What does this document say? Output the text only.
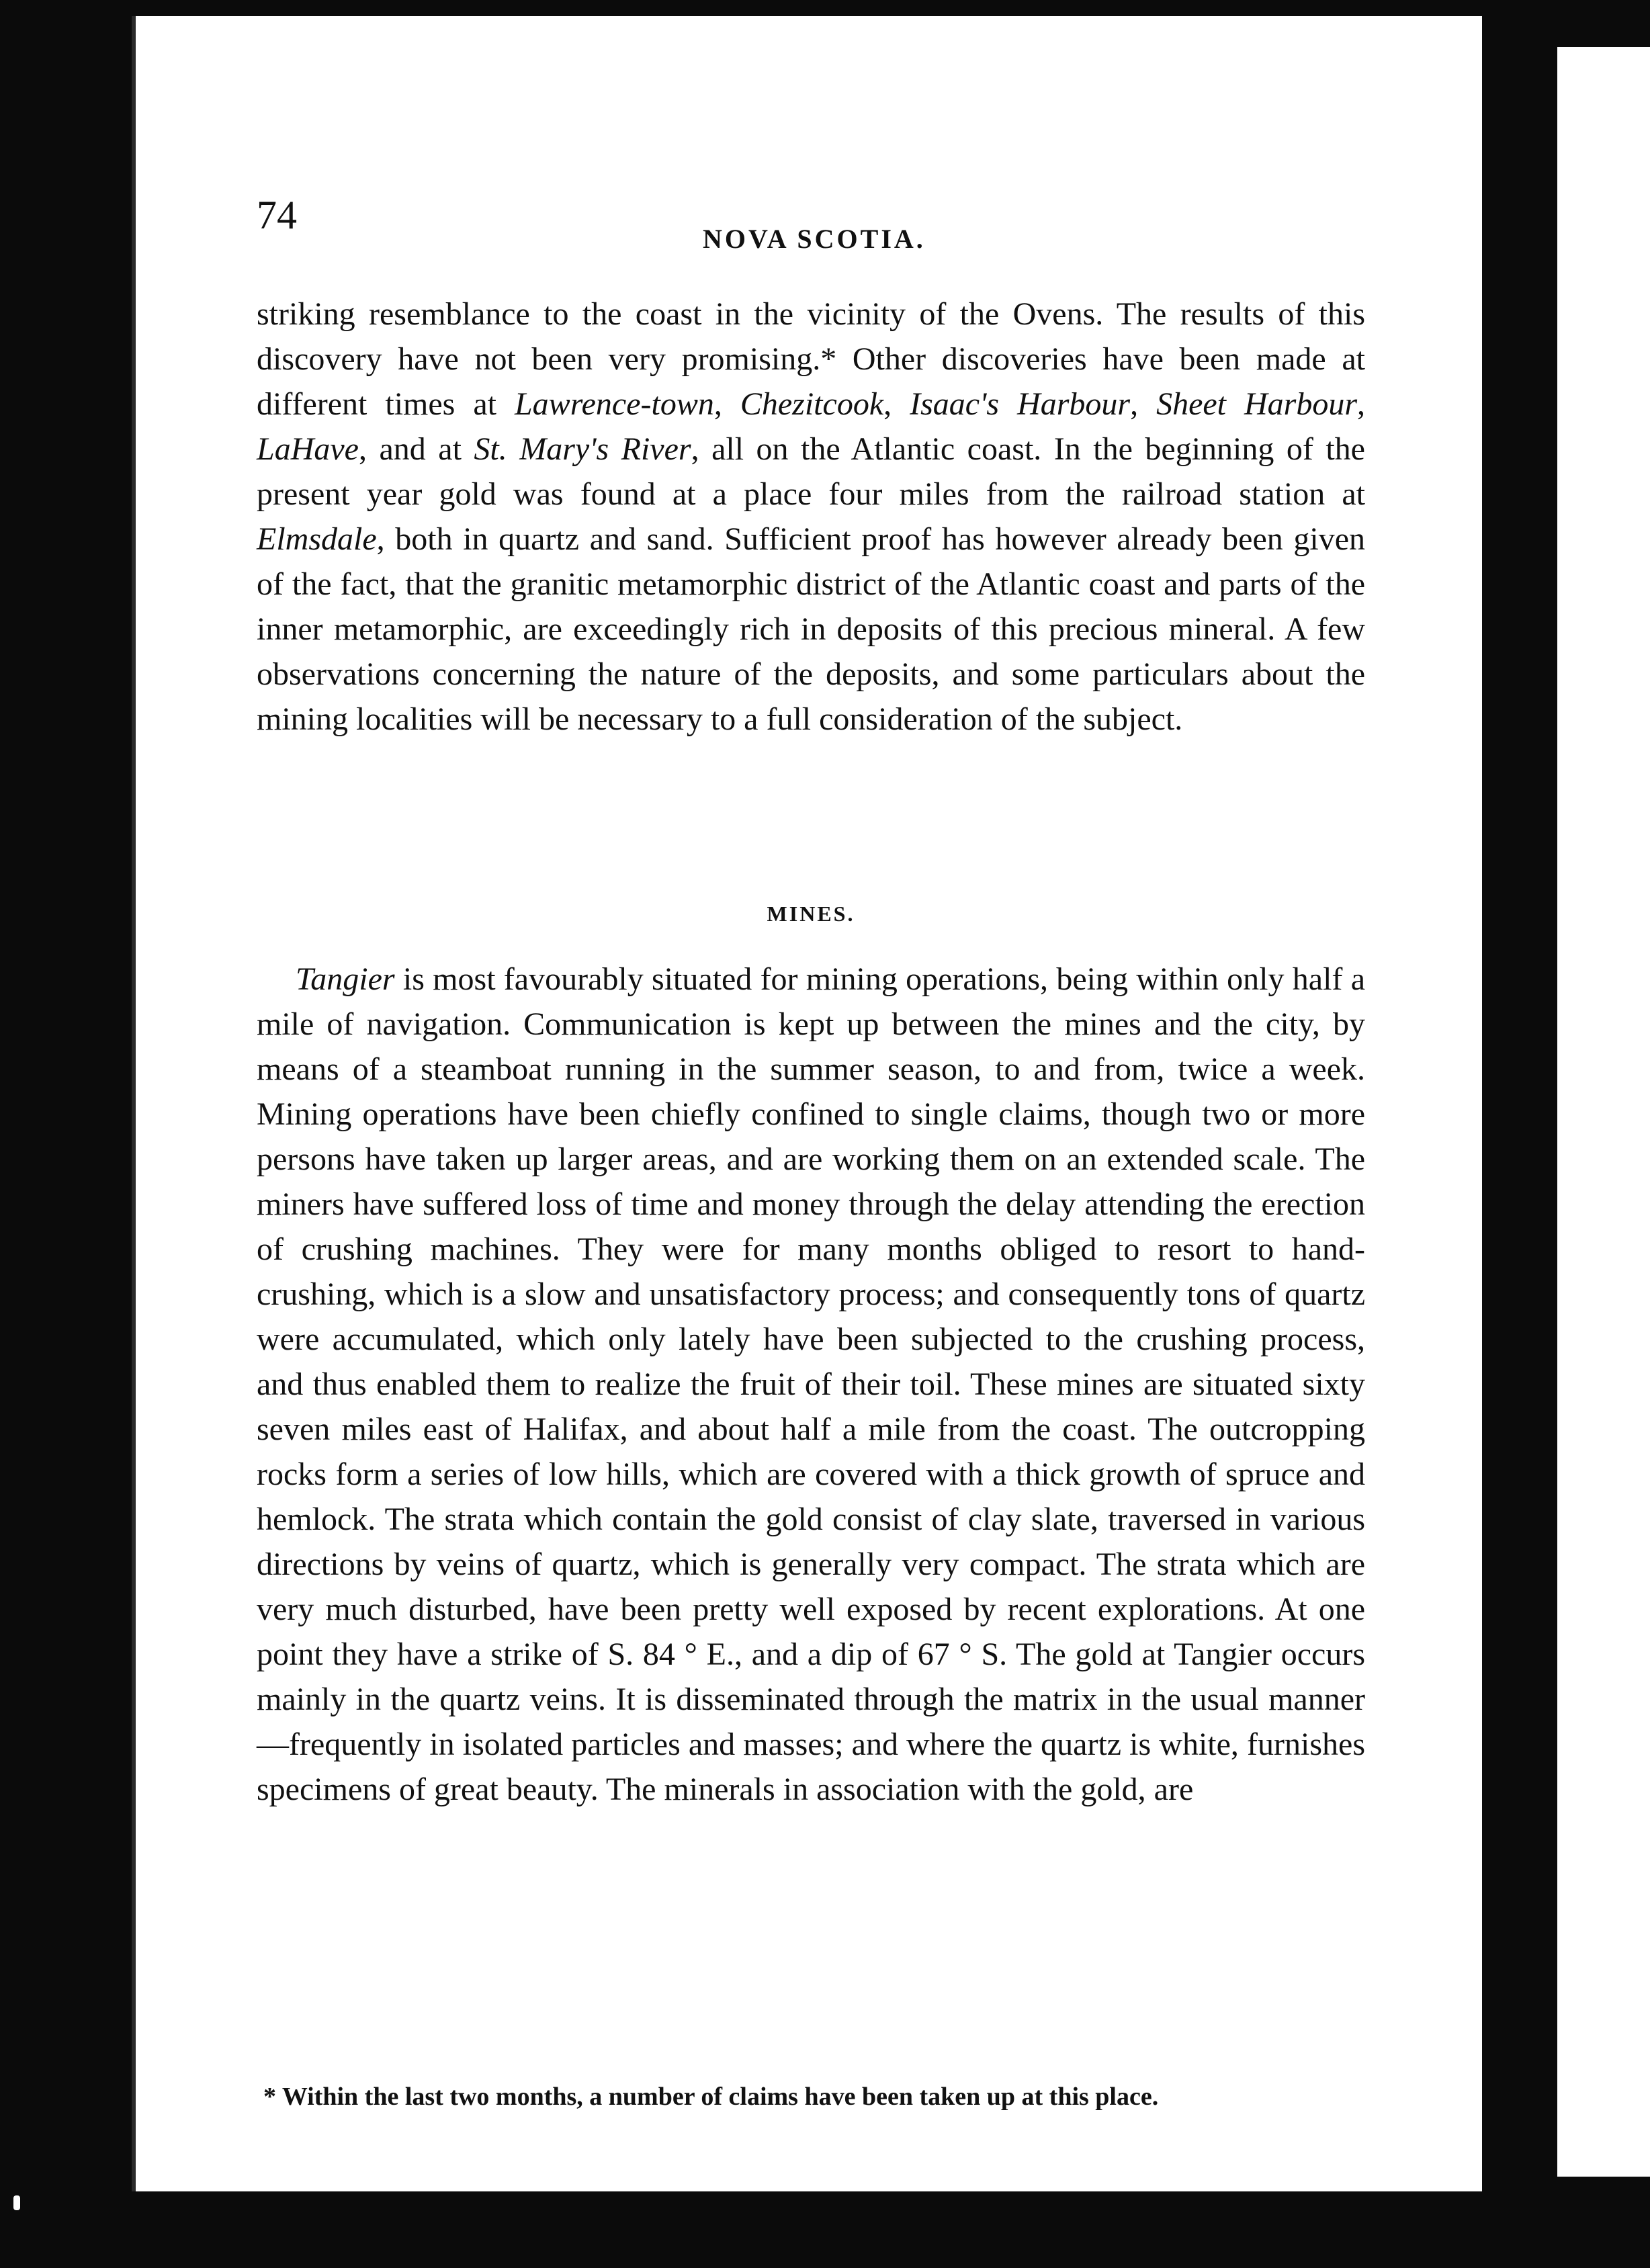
74

NOVA SCOTIA.

striking resemblance to the coast in the vicinity of the Ovens. The results of this discovery have not been very promising.* Other discoveries have been made at different times at Lawrence-town, Chezitcook, Isaac's Harbour, Sheet Harbour, LaHave, and at St. Mary's River, all on the Atlantic coast. In the beginning of the present year gold was found at a place four miles from the railroad station at Elmsdale, both in quartz and sand. Sufficient proof has however already been given of the fact, that the granitic metamorphic district of the Atlantic coast and parts of the inner metamorphic, are exceedingly rich in deposits of this precious mineral. A few observations concerning the nature of the deposits, and some particulars about the mining localities will be necessary to a full consideration of the subject.

MINES.

Tangier is most favourably situated for mining operations, being within only half a mile of navigation. Communication is kept up between the mines and the city, by means of a steamboat running in the summer season, to and from, twice a week. Mining operations have been chiefly confined to single claims, though two or more persons have taken up larger areas, and are working them on an extended scale. The miners have suffered loss of time and money through the delay attending the erection of crushing machines. They were for many months obliged to resort to hand-crushing, which is a slow and unsatisfactory process; and consequently tons of quartz were accumulated, which only lately have been subjected to the crushing process, and thus enabled them to realize the fruit of their toil. These mines are situated sixty seven miles east of Halifax, and about half a mile from the coast. The outcropping rocks form a series of low hills, which are covered with a thick growth of spruce and hemlock. The strata which contain the gold consist of clay slate, traversed in various directions by veins of quartz, which is generally very compact. The strata which are very much disturbed, have been pretty well exposed by recent explorations. At one point they have a strike of S. 84 ° E., and a dip of 67 ° S. The gold at Tangier occurs mainly in the quartz veins. It is disseminated through the matrix in the usual manner—frequently in isolated particles and masses; and where the quartz is white, furnishes specimens of great beauty. The minerals in association with the gold, are

* Within the last two months, a number of claims have been taken up at this place.
